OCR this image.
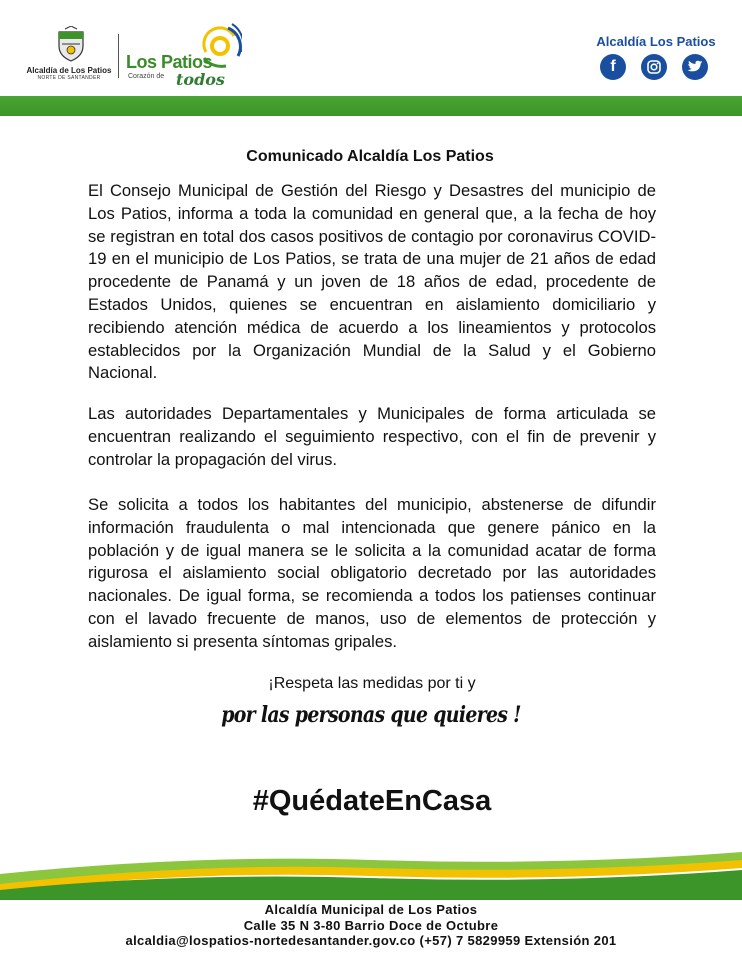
Alcaldía de Los Patios
NORTE DE SANTANDER
Los Patios
Corazón de todos
Alcaldía Los Patios
f
Comunicado Alcaldía Los Patios

El Consejo Municipal de Gestión del Riesgo y Desastres del municipio de Los Patios, informa a toda la comunidad en general que, a la fecha de hoy se registran en total dos casos positivos de contagio por coronavirus COVID-19 en el municipio de Los Patios, se trata de una mujer de 21 años de edad procedente de Panamá y un joven de 18 años de edad, procedente de Estados Unidos, quienes se encuentran en aislamiento domiciliario y recibiendo atención médica de acuerdo a los lineamientos y protocolos establecidos por la Organización Mundial de la Salud y el Gobierno Nacional.

Las autoridades Departamentales y Municipales de forma articulada se encuentran realizando el seguimiento respectivo, con el fin de prevenir y controlar la propagación del virus.

Se solicita a todos los habitantes del municipio, abstenerse de difundir información fraudulenta o mal intencionada que genere pánico en la población y de igual manera se le solicita a la comunidad acatar de forma rigurosa el aislamiento social obligatorio decretado por las autoridades nacionales. De igual forma, se recomienda a todos los patienses continuar con el lavado frecuente de manos, uso de elementos de protección y aislamiento si presenta síntomas gripales.

¡Respeta las medidas por ti y
por las personas que quieres !
#QuédateEnCasa
Alcaldía Municipal de Los Patios
Calle 35 N 3-80 Barrio Doce de Octubre
alcaldia@lospatios-nortedesantander.gov.co (+57) 7 5829959 Extensión 201
